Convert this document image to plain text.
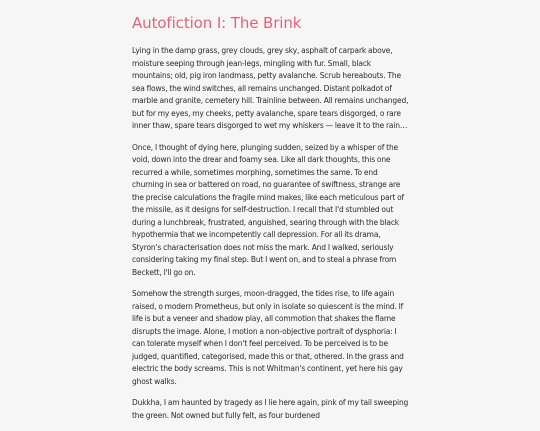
Autofiction I: The Brink

Lying in the damp grass, grey clouds, grey sky, asphalt of carpark above, moisture seeping through jean-legs, mingling with fur. Small, black mountains; old, pig iron landmass, petty avalanche. Scrub hereabouts. The sea flows, the wind switches, all remains unchanged. Distant polkadot of marble and granite, cemetery hill. Trainline between. All remains unchanged, but for my eyes, my cheeks, petty avalanche, spare tears disgorged, o rare inner thaw, spare tears disgorged to wet my whiskers — leave it to the rain…

Once, I thought of dying here, plunging sudden, seized by a whisper of the void, down into the drear and foamy sea. Like all dark thoughts, this one recurred a while, sometimes morphing, sometimes the same. To end churning in sea or battered on road, no guarantee of swiftness, strange are the precise calculations the fragile mind makes, like each meticulous part of the missile, as it designs for self-destruction. I recall that I'd stumbled out during a lunchbreak, frustrated, anguished, searing through with the black hypothermia that we incompetently call depression. For all its drama, Styron's characterisation does not miss the mark. And I walked, seriously considering taking my final step. But I went on, and to steal a phrase from Beckett, I'll go on.

Somehow the strength surges, moon-dragged, the tides rise, to life again raised, o modern Prometheus, but only in isolate so quiescent is the mind. If life is but a veneer and shadow play, all commotion that shakes the flame disrupts the image. Alone, I motion a non-objective portrait of dysphoria: I can tolerate myself when I don't feel perceived. To be perceived is to be judged, quantified, categorised, made this or that, othered. In the grass and electric the body screams. This is not Whitman's continent, yet here his gay ghost walks.

Dukkha, I am haunted by tragedy as I lie here again, pink of my tail sweeping the green. Not owned but fully felt, as four burdened
